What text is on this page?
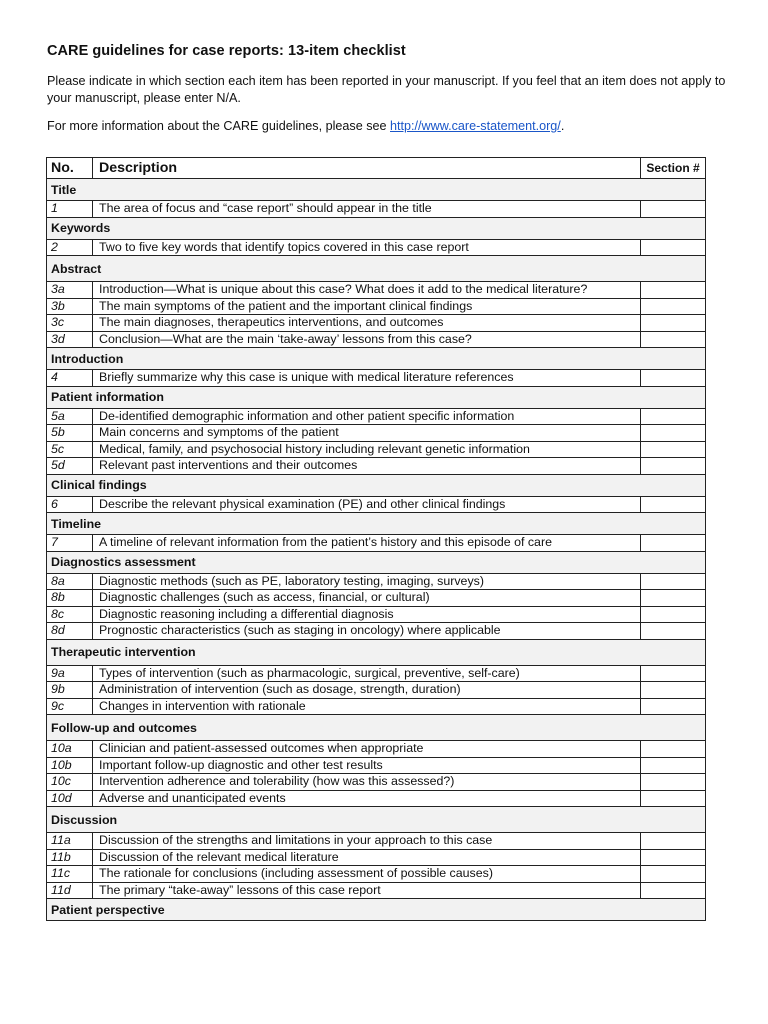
CARE guidelines for case reports: 13-item checklist
Please indicate in which section each item has been reported in your manuscript. If you feel that an item does not apply to your manuscript, please enter N/A.
For more information about the CARE guidelines, please see http://www.care-statement.org/.
No.	Description	Section #
Title		
1	The area of focus and “case report” should appear in the title	
Keywords		
2	Two to five key words that identify topics covered in this case report	
Abstract		
3a	Introduction—What is unique about this case? What does it add to the medical literature?	
3b	The main symptoms of the patient and the important clinical findings	
3c	The main diagnoses, therapeutics interventions, and outcomes	
3d	Conclusion—What are the main ‘take-away’ lessons from this case?	
Introduction		
4	Briefly summarize why this case is unique with medical literature references	
Patient information		
5a	De-identified demographic information and other patient specific information	
5b	Main concerns and symptoms of the patient	
5c	Medical, family, and psychosocial history including relevant genetic information	
5d	Relevant past interventions and their outcomes	
Clinical findings		
6	Describe the relevant physical examination (PE) and other clinical findings	
Timeline		
7	A timeline of relevant information from the patient’s history and this episode of care	
Diagnostics assessment		
8a	Diagnostic methods (such as PE, laboratory testing, imaging, surveys)	
8b	Diagnostic challenges (such as access, financial, or cultural)	
8c	Diagnostic reasoning including a differential diagnosis	
8d	Prognostic characteristics (such as staging in oncology) where applicable	
Therapeutic intervention		
9a	Types of intervention (such as pharmacologic, surgical, preventive, self-care)	
9b	Administration of intervention (such as dosage, strength, duration)	
9c	Changes in intervention with rationale	
Follow-up and outcomes		
10a	Clinician and patient-assessed outcomes when appropriate	
10b	Important follow-up diagnostic and other test results	
10c	Intervention adherence and tolerability (how was this assessed?)	
10d	Adverse and unanticipated events	
Discussion		
11a	Discussion of the strengths and limitations in your approach to this case	
11b	Discussion of the relevant medical literature	
11c	The rationale for conclusions (including assessment of possible causes)	
11d	The primary “take-away” lessons of this case report	
Patient perspective		
